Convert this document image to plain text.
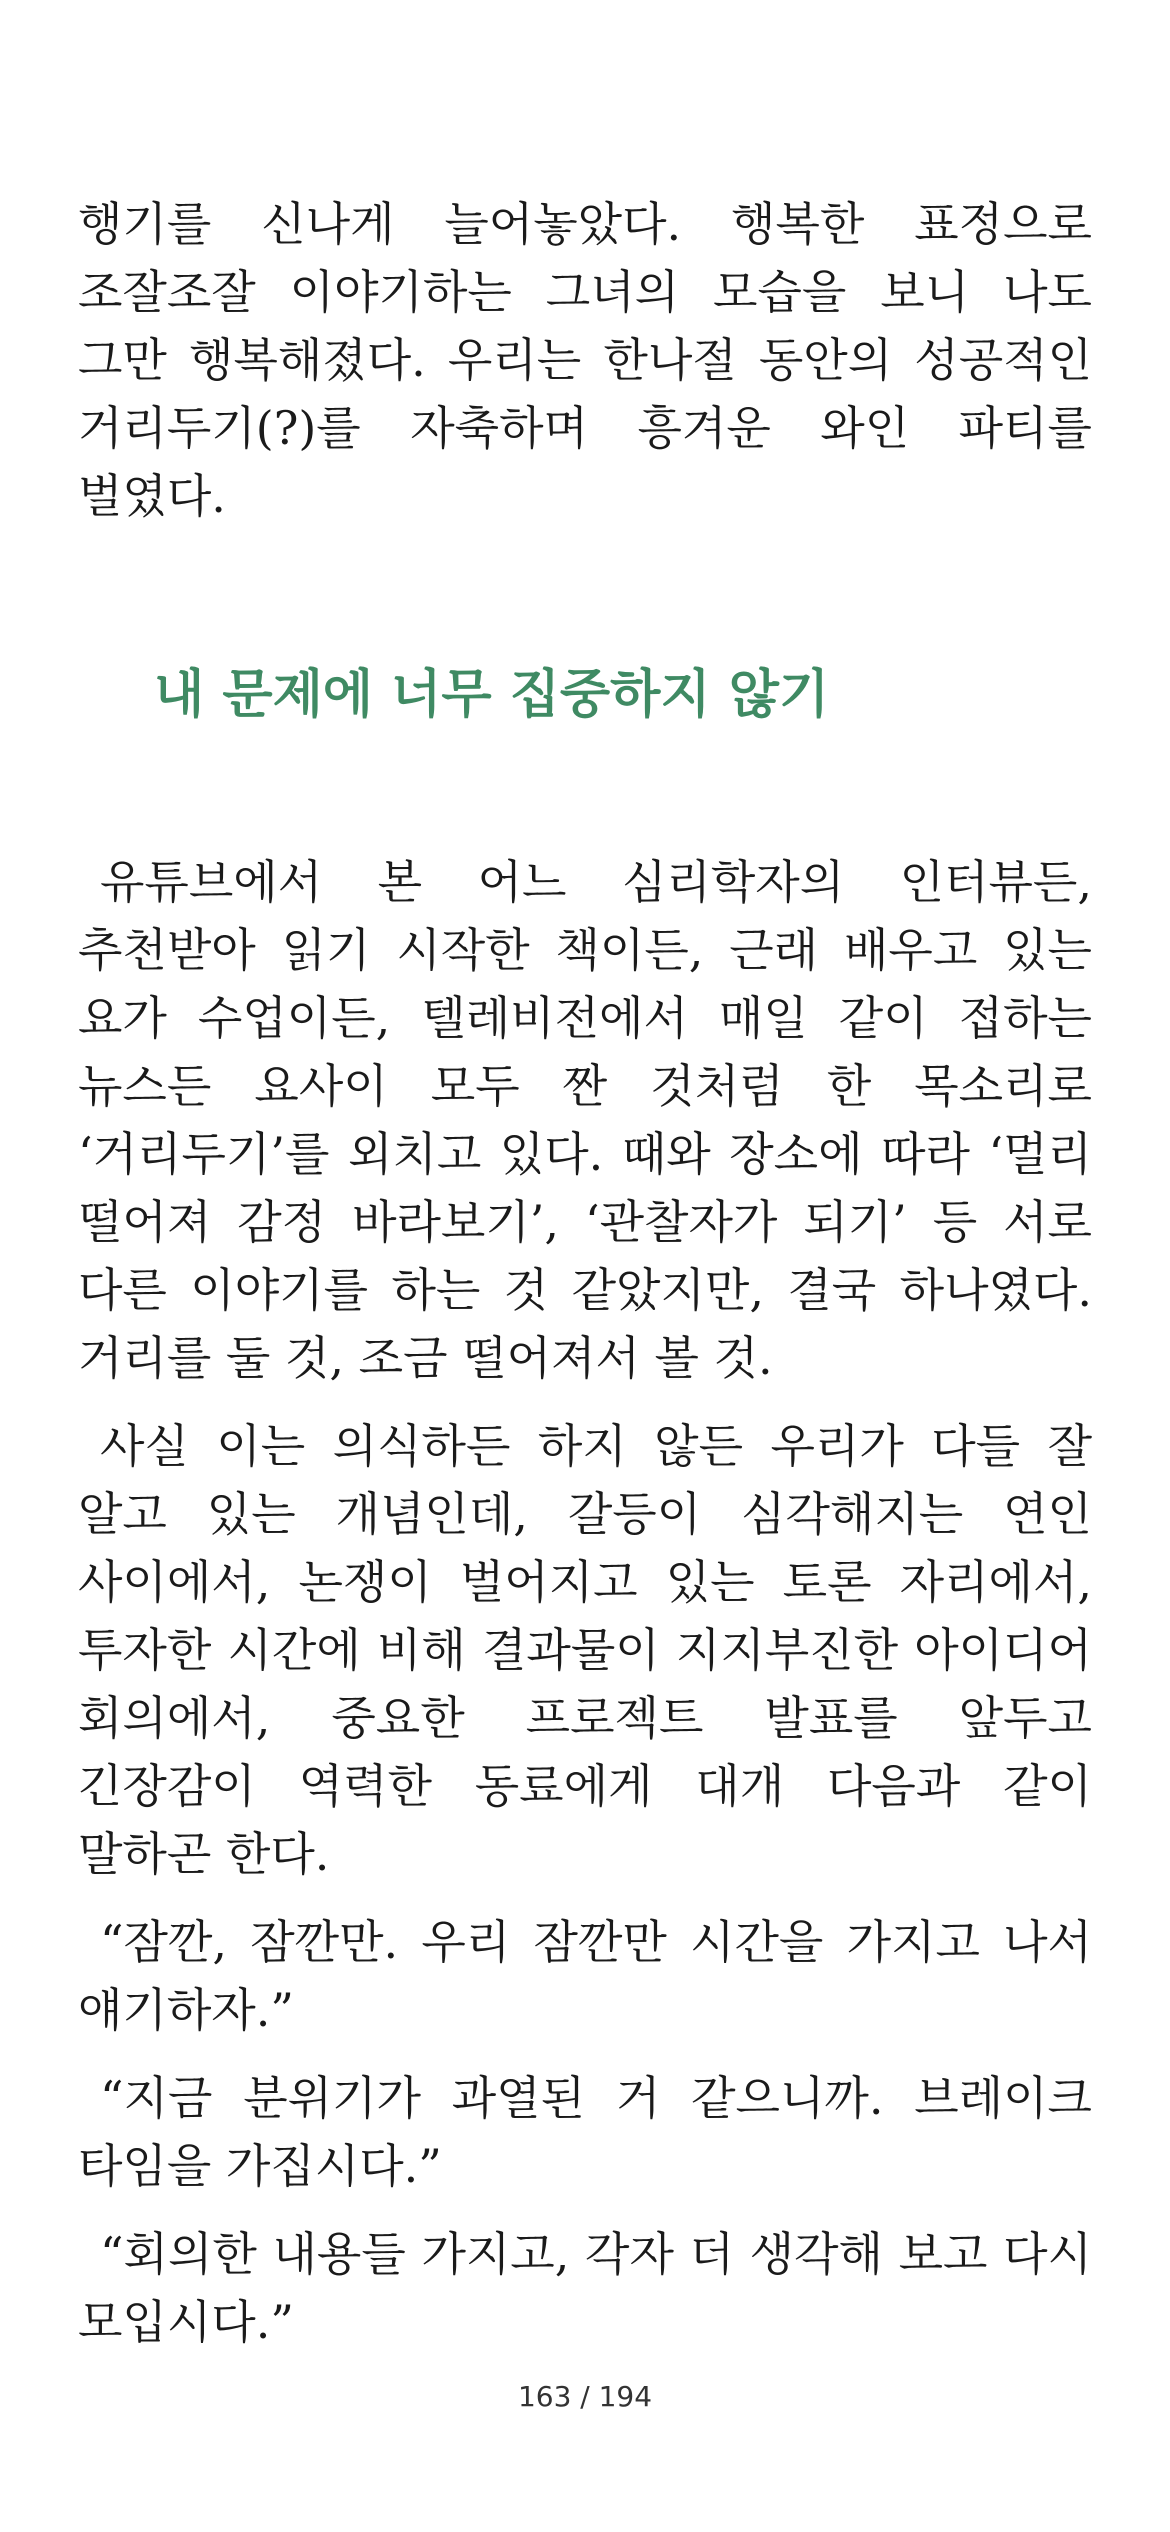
행기를 신나게 늘어놓았다. 행복한 표정으로 조잘조잘 이야기하는 그녀의 모습을 보니 나도 그만 행복해졌다. 우리는 한나절 동안의 성공적인 거리두기(?)를 자축하며 흥겨운 와인 파티를 벌였다.

내 문제에 너무 집중하지 않기

유튜브에서 본 어느 심리학자의 인터뷰든, 추천받아 읽기 시작한 책이든, 근래 배우고 있는 요가 수업이든, 텔레비전에서 매일 같이 접하는 뉴스든 요사이 모두 짠 것처럼 한 목소리로 ‘거리두기’를 외치고 있다. 때와 장소에 따라 ‘멀리 떨어져 감정 바라보기’, ‘관찰자가 되기’ 등 서로 다른 이야기를 하는 것 같았지만, 결국 하나였다. 거리를 둘 것, 조금 떨어져서 볼 것.

사실 이는 의식하든 하지 않든 우리가 다들 잘 알고 있는 개념인데, 갈등이 심각해지는 연인 사이에서, 논쟁이 벌어지고 있는 토론 자리에서, 투자한 시간에 비해 결과물이 지지부진한 아이디어 회의에서, 중요한 프로젝트 발표를 앞두고 긴장감이 역력한 동료에게 대개 다음과 같이 말하곤 한다.

“잠깐, 잠깐만. 우리 잠깐만 시간을 가지고 나서 얘기하자.”

“지금 분위기가 과열된 거 같으니까. 브레이크 타임을 가집시다.”

“회의한 내용들 가지고, 각자 더 생각해 보고 다시 모입시다.”

163 / 194
